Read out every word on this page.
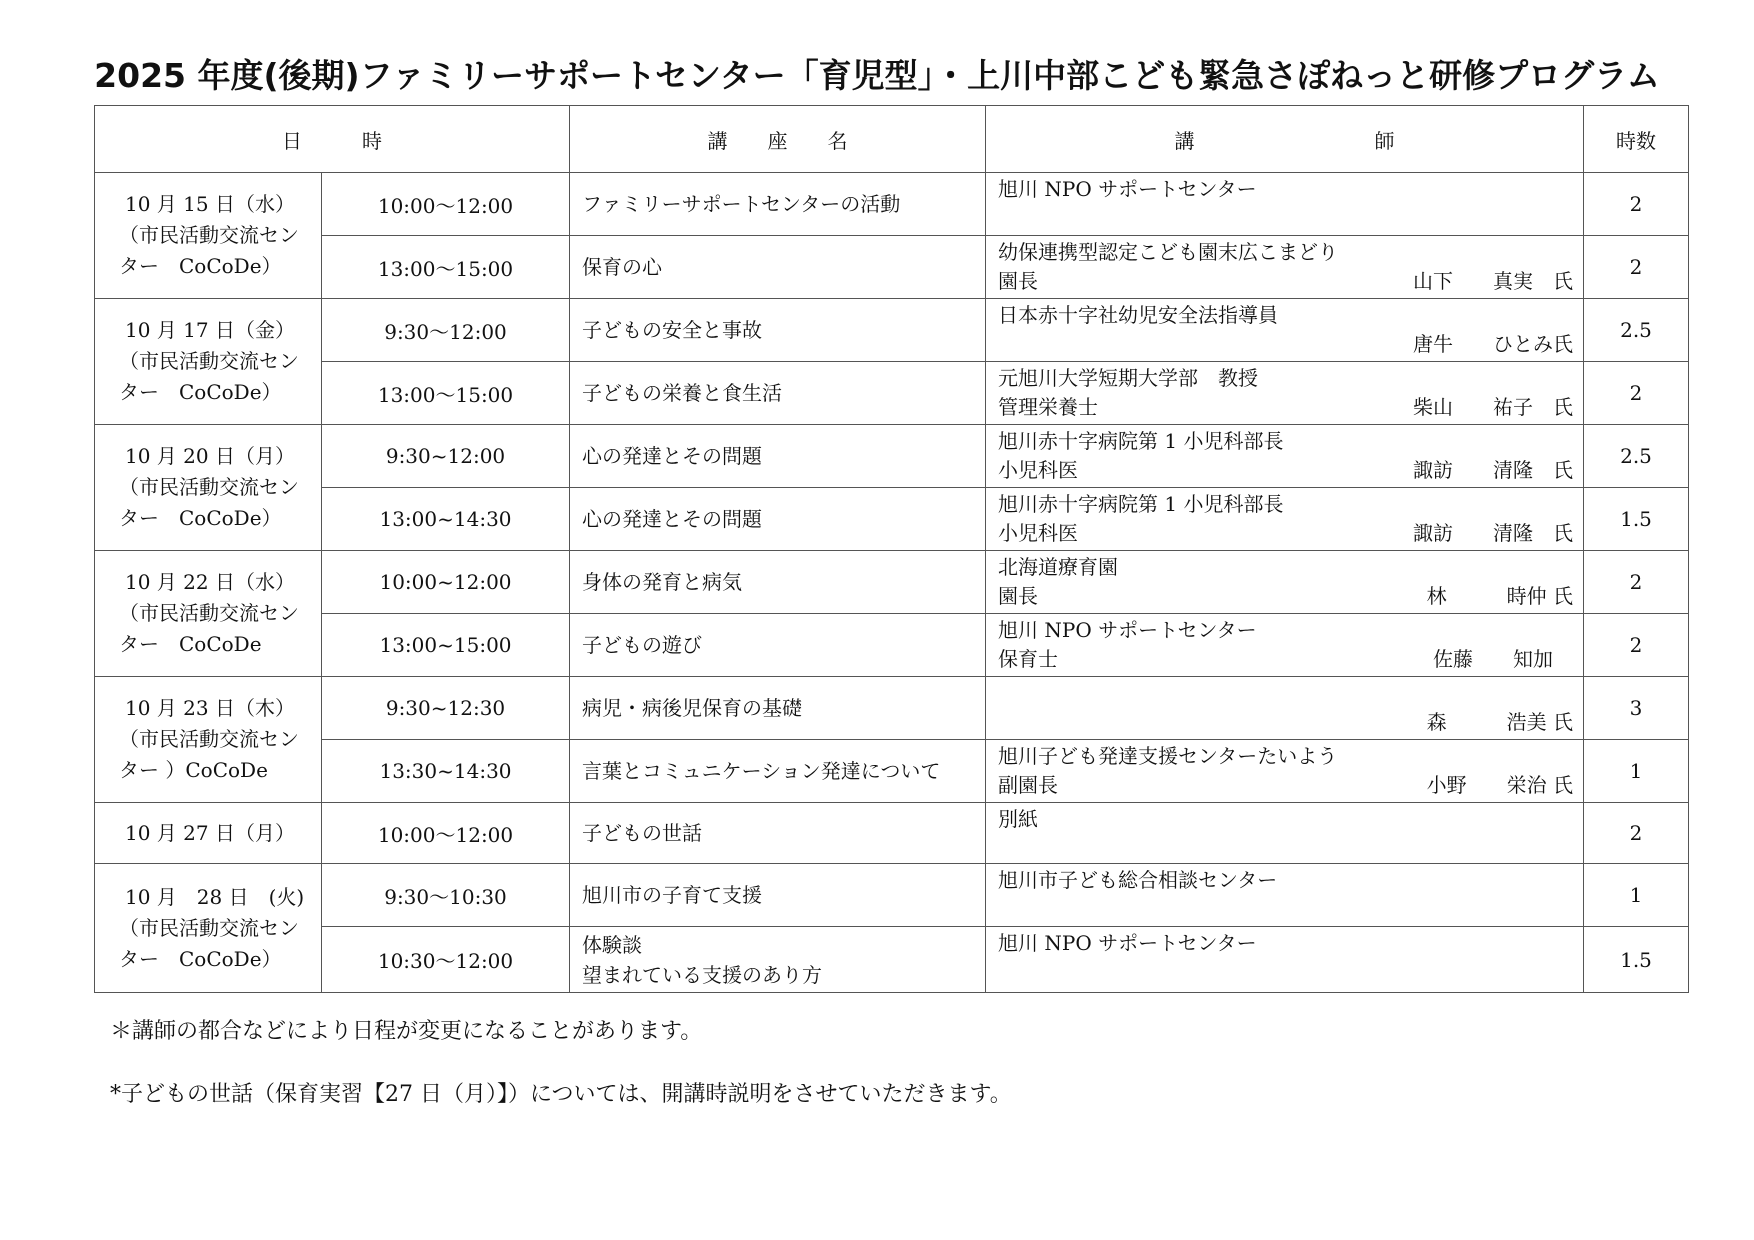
2025 年度(後期)ファミリーサポートセンター「育児型」・上川中部こども緊急さぽねっと研修プログラム
日　　　時		講　　座　　名	講　　　　　　　　　師	時数

10 月 15 日（水）
（市民活動交流セン
ター　CoCoDe）	10:00～12:00	ファミリーサポートセンターの活動	旭川 NPO サポートセンター	2
	13:00～15:00	保育の心	幼保連携型認定こども園末広こまどり
園長 山下　　真実　氏	2

10 月 17 日（金）
（市民活動交流セン
ター　CoCoDe）	9:30～12:00	子どもの安全と事故	日本赤十字社幼児安全法指導員
唐牛　　ひとみ氏	2.5
	13:00～15:00	子どもの栄養と食生活	元旭川大学短期大学部　教授
管理栄養士 柴山　　祐子　氏	2

10 月 20 日（月）
（市民活動交流セン
ター　CoCoDe）	9:30~12:00	心の発達とその問題	旭川赤十字病院第 1 小児科部長
小児科医 諏訪　　清隆　氏	2.5
	13:00~14:30	心の発達とその問題	旭川赤十字病院第 1 小児科部長
小児科医 諏訪　　清隆　氏	1.5

10 月 22 日（水）
（市民活動交流セン
ター　CoCoDe	10:00~12:00	身体の発育と病気	北海道療育園
園長 林　　　時仲 氏	2
	13:00~15:00	子どもの遊び	旭川 NPO サポートセンター
保育士 佐藤　　知加　	2

10 月 23 日（木）
（市民活動交流セン
ター ）CoCoDe	9:30~12:30	病児・病後児保育の基礎	森　　　浩美 氏	3
	13:30~14:30	言葉とコミュニケーション発達について	旭川子ども発達支援センターたいよう
副園長 小野　　栄治 氏	1

10 月 27 日（月）	10:00～12:00	子どもの世話	別紙	2

10 月　28 日　(火)
（市民活動交流セン
ター　CoCoDe）	9:30～10:30	旭川市の子育て支援	旭川市子ども総合相談センター	1
	10:30～12:00	体験談
望まれている支援のあり方	旭川 NPO サポートセンター	1.5
＊講師の都合などにより日程が変更になることがあります。
*子どもの世話（保育実習【27 日（月）】）については、開講時説明をさせていただきます。
